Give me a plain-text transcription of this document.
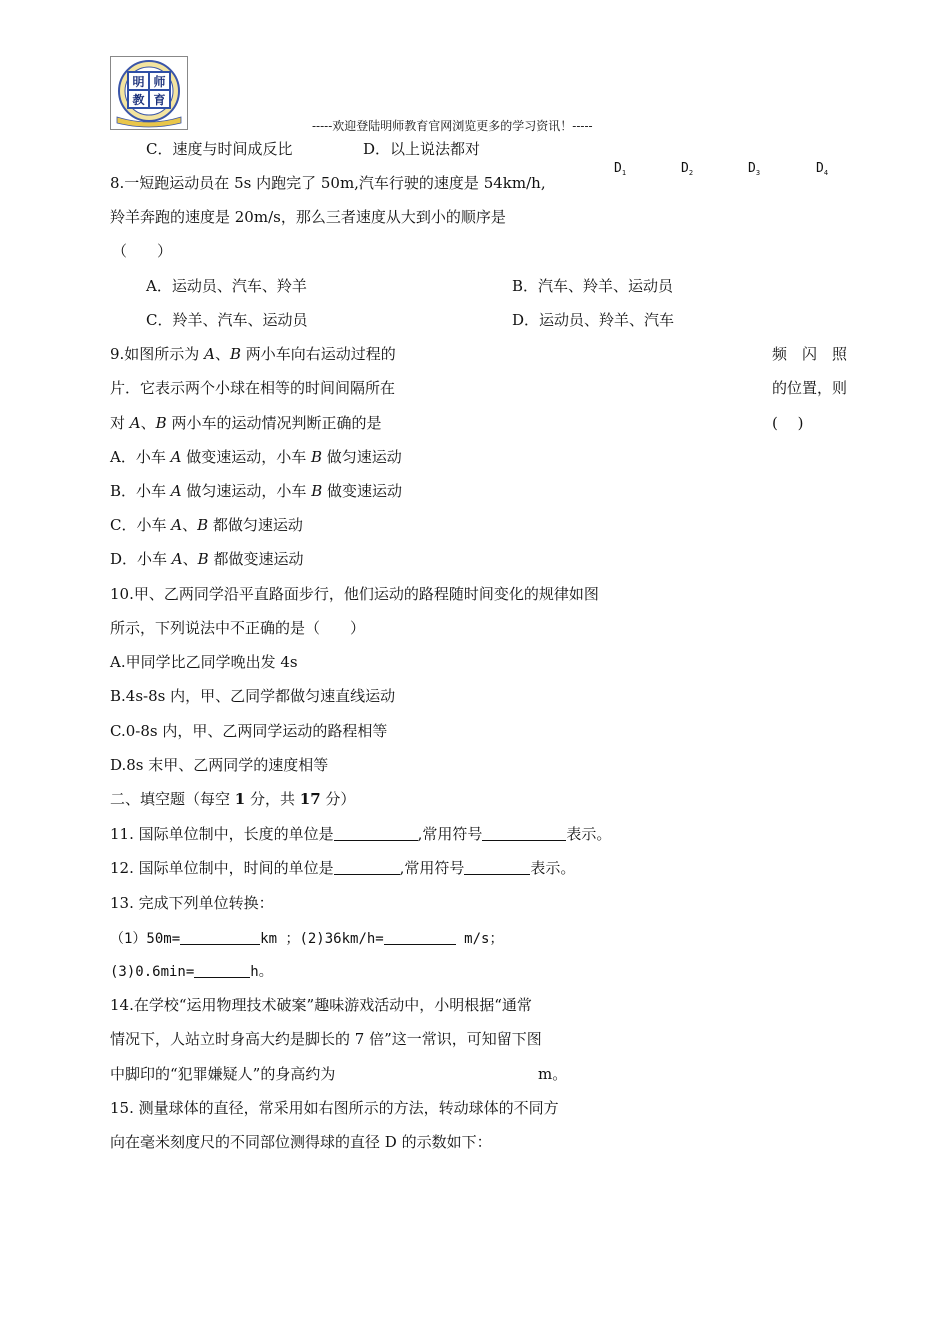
明 师
教 育
-----欢迎登陆明师教育官网浏览更多的学习资讯！-----
C．速度与时间成反比	D．以上说法都对
$D_1$	$D_2$	$D_3$	$D_4$
8.一短跑运动员在 5s 内跑完了 50m,汽车行驶的速度是 54km/h,
羚羊奔跑的速度是 20m/s，那么三者速度从大到小的顺序是
（　　）
A．运动员、汽车、羚羊	B．汽车、羚羊、运动员
C．羚羊、汽车、运动员	D．运动员、羚羊、汽车
9.如图所示为 A、B 两小车向右运动过程的	频　闪　照
片．它表示两个小球在相等的时间间隔所在	的位置，则
对 A、B 两小车的运动情况判断正确的是	(　 )
A．小车 A 做变速运动，小车 B 做匀速运动
B．小车 A 做匀速运动，小车 B 做变速运动
C．小车 A、B 都做匀速运动
D．小车 A、B 都做变速运动
10.甲、乙两同学沿平直路面步行，他们运动的路程随时间变化的规律如图
所示，下列说法中不正确的是（　　）
A.甲同学比乙同学晚出发 4s
B.4s-8s 内，甲、乙同学都做匀速直线运动
C.0-8s 内，甲、乙两同学运动的路程相等
D.8s 末甲、乙两同学的速度相等
二、填空题（每空 1 分，共 17 分）
11. 国际单位制中，长度的单位是	,常用符号	表示。
12. 国际单位制中，时间的单位是	,常用符号	表示。
13. 完成下列单位转换：
（1）50m=	km ；(2)36km/h=	m/s；
(3)0.6min=	h。
14.在学校“运用物理技术破案”趣味游戏活动中，小明根据“通常
情况下，人站立时身高大约是脚长的 7 倍”这一常识，可知留下图
中脚印的“犯罪嫌疑人”的身高约为	m。
15. 测量球体的直径，常采用如右图所示的方法，转动球体的不同方
向在毫米刻度尺的不同部位测得球的直径 D 的示数如下：
